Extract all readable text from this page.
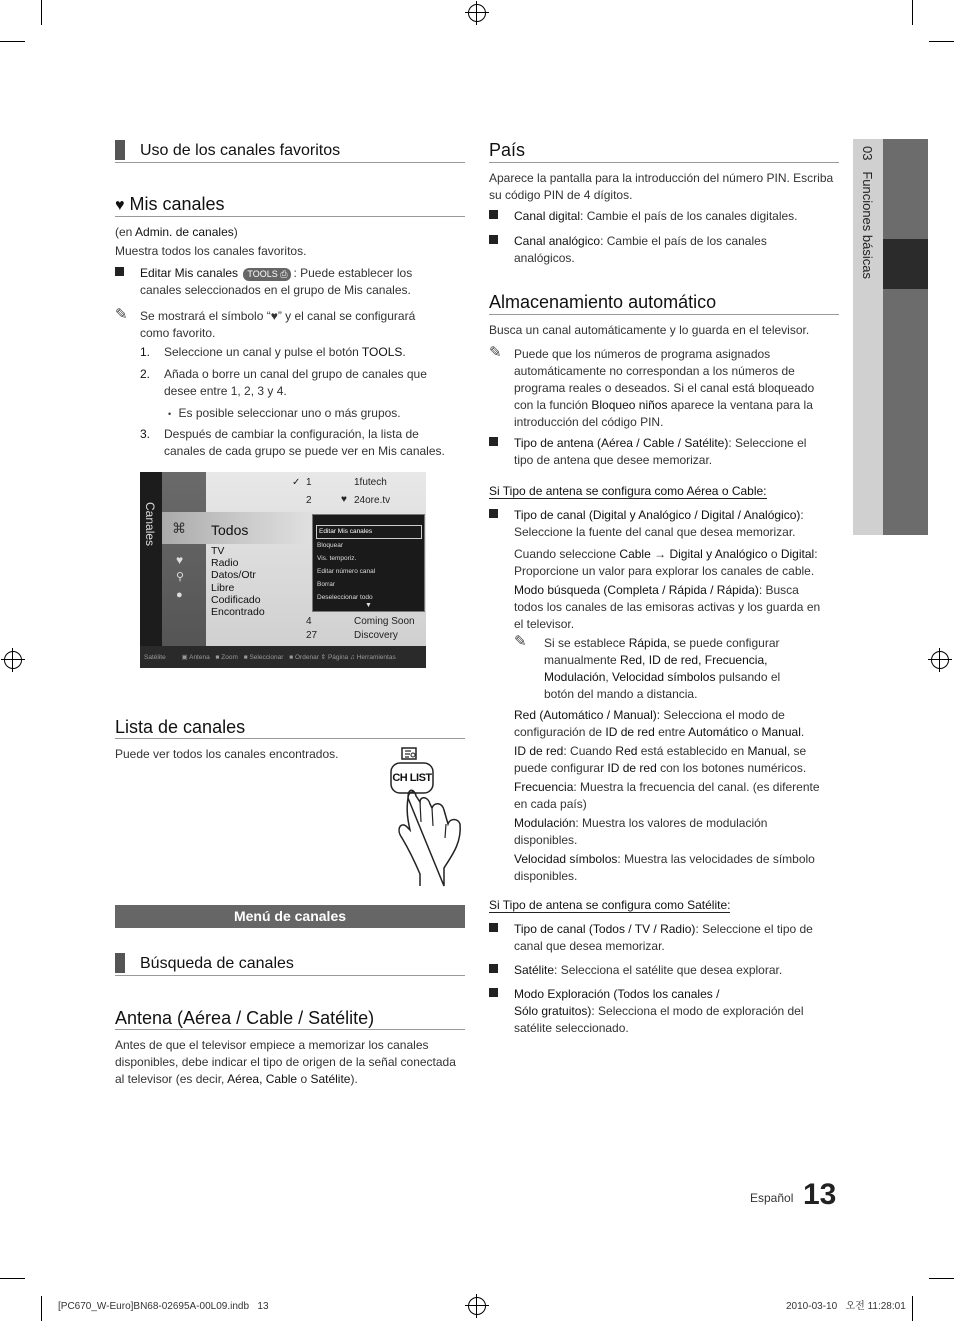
Uso de los canales favoritos
♥ Mis canales
(en Admin. de canales)
Muestra todos los canales favoritos.
Editar Mis canales TOOLS ⎙ : Puede establecer los
canales seleccionados en el grupo de Mis canales.
✎ Se mostrará el símbolo “♥” y el canal se configurará
como favorito.
1. Seleccione un canal y pulse el botón TOOLS.
2. Añada o borre un canal del grupo de canales que
desee entre 1, 2, 3 y 4.
• Es posible seleccionar uno o más grupos.
3. Después de cambiar la configuración, la lista de
canales de cada grupo se puede ver en Mis canales.
Canales ⌘
♥
⚲
●
✓ 1	1futech
2	♥ 24ore.tv
Todos
TV
Radio
Datos/Otr
Libre
Codificado
Encontrado
4	Coming Soon
27	Discovery
Editar Mis canales
Bloquear
Vis. temporiz.
Editar número canal
Borrar
Deseleccionar todo
▼
Satélite ▣ Antena ■ Zoom ■ Seleccionar ■ Ordenar ⇕ Página ♫ Herramientas
Lista de canales
Puede ver todos los canales encontrados.
CH LIST
Menú de canales
Búsqueda de canales
Antena (Aérea / Cable / Satélite)
Antes de que el televisor empiece a memorizar los canales
disponibles, debe indicar el tipo de origen de la señal conectada
al televisor (es decir, Aérea, Cable o Satélite).
País
Aparece la pantalla para la introducción del número PIN. Escriba
su código PIN de 4 dígitos.
Canal digital: Cambie el país de los canales digitales.
Canal analógico: Cambie el país de los canales
analógicos.
Almacenamiento automático
Busca un canal automáticamente y lo guarda en el televisor.
✎ Puede que los números de programa asignados
automáticamente no correspondan a los números de
programa reales o deseados. Si el canal está bloqueado
con la función Bloqueo niños aparece la ventana para la
introducción del código PIN.
Tipo de antena (Aérea / Cable / Satélite): Seleccione el
tipo de antena que desee memorizar.
Si Tipo de antena se configura como Aérea o Cable:
Tipo de canal (Digital y Analógico / Digital / Analógico):
Seleccione la fuente del canal que desea memorizar.
Cuando seleccione Cable → Digital y Analógico o Digital:
Proporcione un valor para explorar los canales de cable.
Modo búsqueda (Completa / Rápida / Rápida): Busca
todos los canales de las emisoras activas y los guarda en
el televisor.
✎ Si se establece Rápida, se puede configurar
manualmente Red, ID de red, Frecuencia,
Modulación, Velocidad símbolos pulsando el
botón del mando a distancia.
Red (Automático / Manual): Selecciona el modo de
configuración de ID de red entre Automático o Manual.
ID de red: Cuando Red está establecido en Manual, se
puede configurar ID de red con los botones numéricos.
Frecuencia: Muestra la frecuencia del canal. (es diferente
en cada país)
Modulación: Muestra los valores de modulación
disponibles.
Velocidad símbolos: Muestra las velocidades de símbolo
disponibles.
Si Tipo de antena se configura como Satélite:
Tipo de canal (Todos / TV / Radio): Seleccione el tipo de
canal que desea memorizar.
Satélite: Selecciona el satélite que desea explorar.
Modo Exploración (Todos los canales /
Sólo gratuitos): Selecciona el modo de exploración del
satélite seleccionado.
03   Funciones básicas
Español 13
[PC670_W-Euro]BN68-02695A-00L09.indb   13	2010-03-10   오전 11:28:01
